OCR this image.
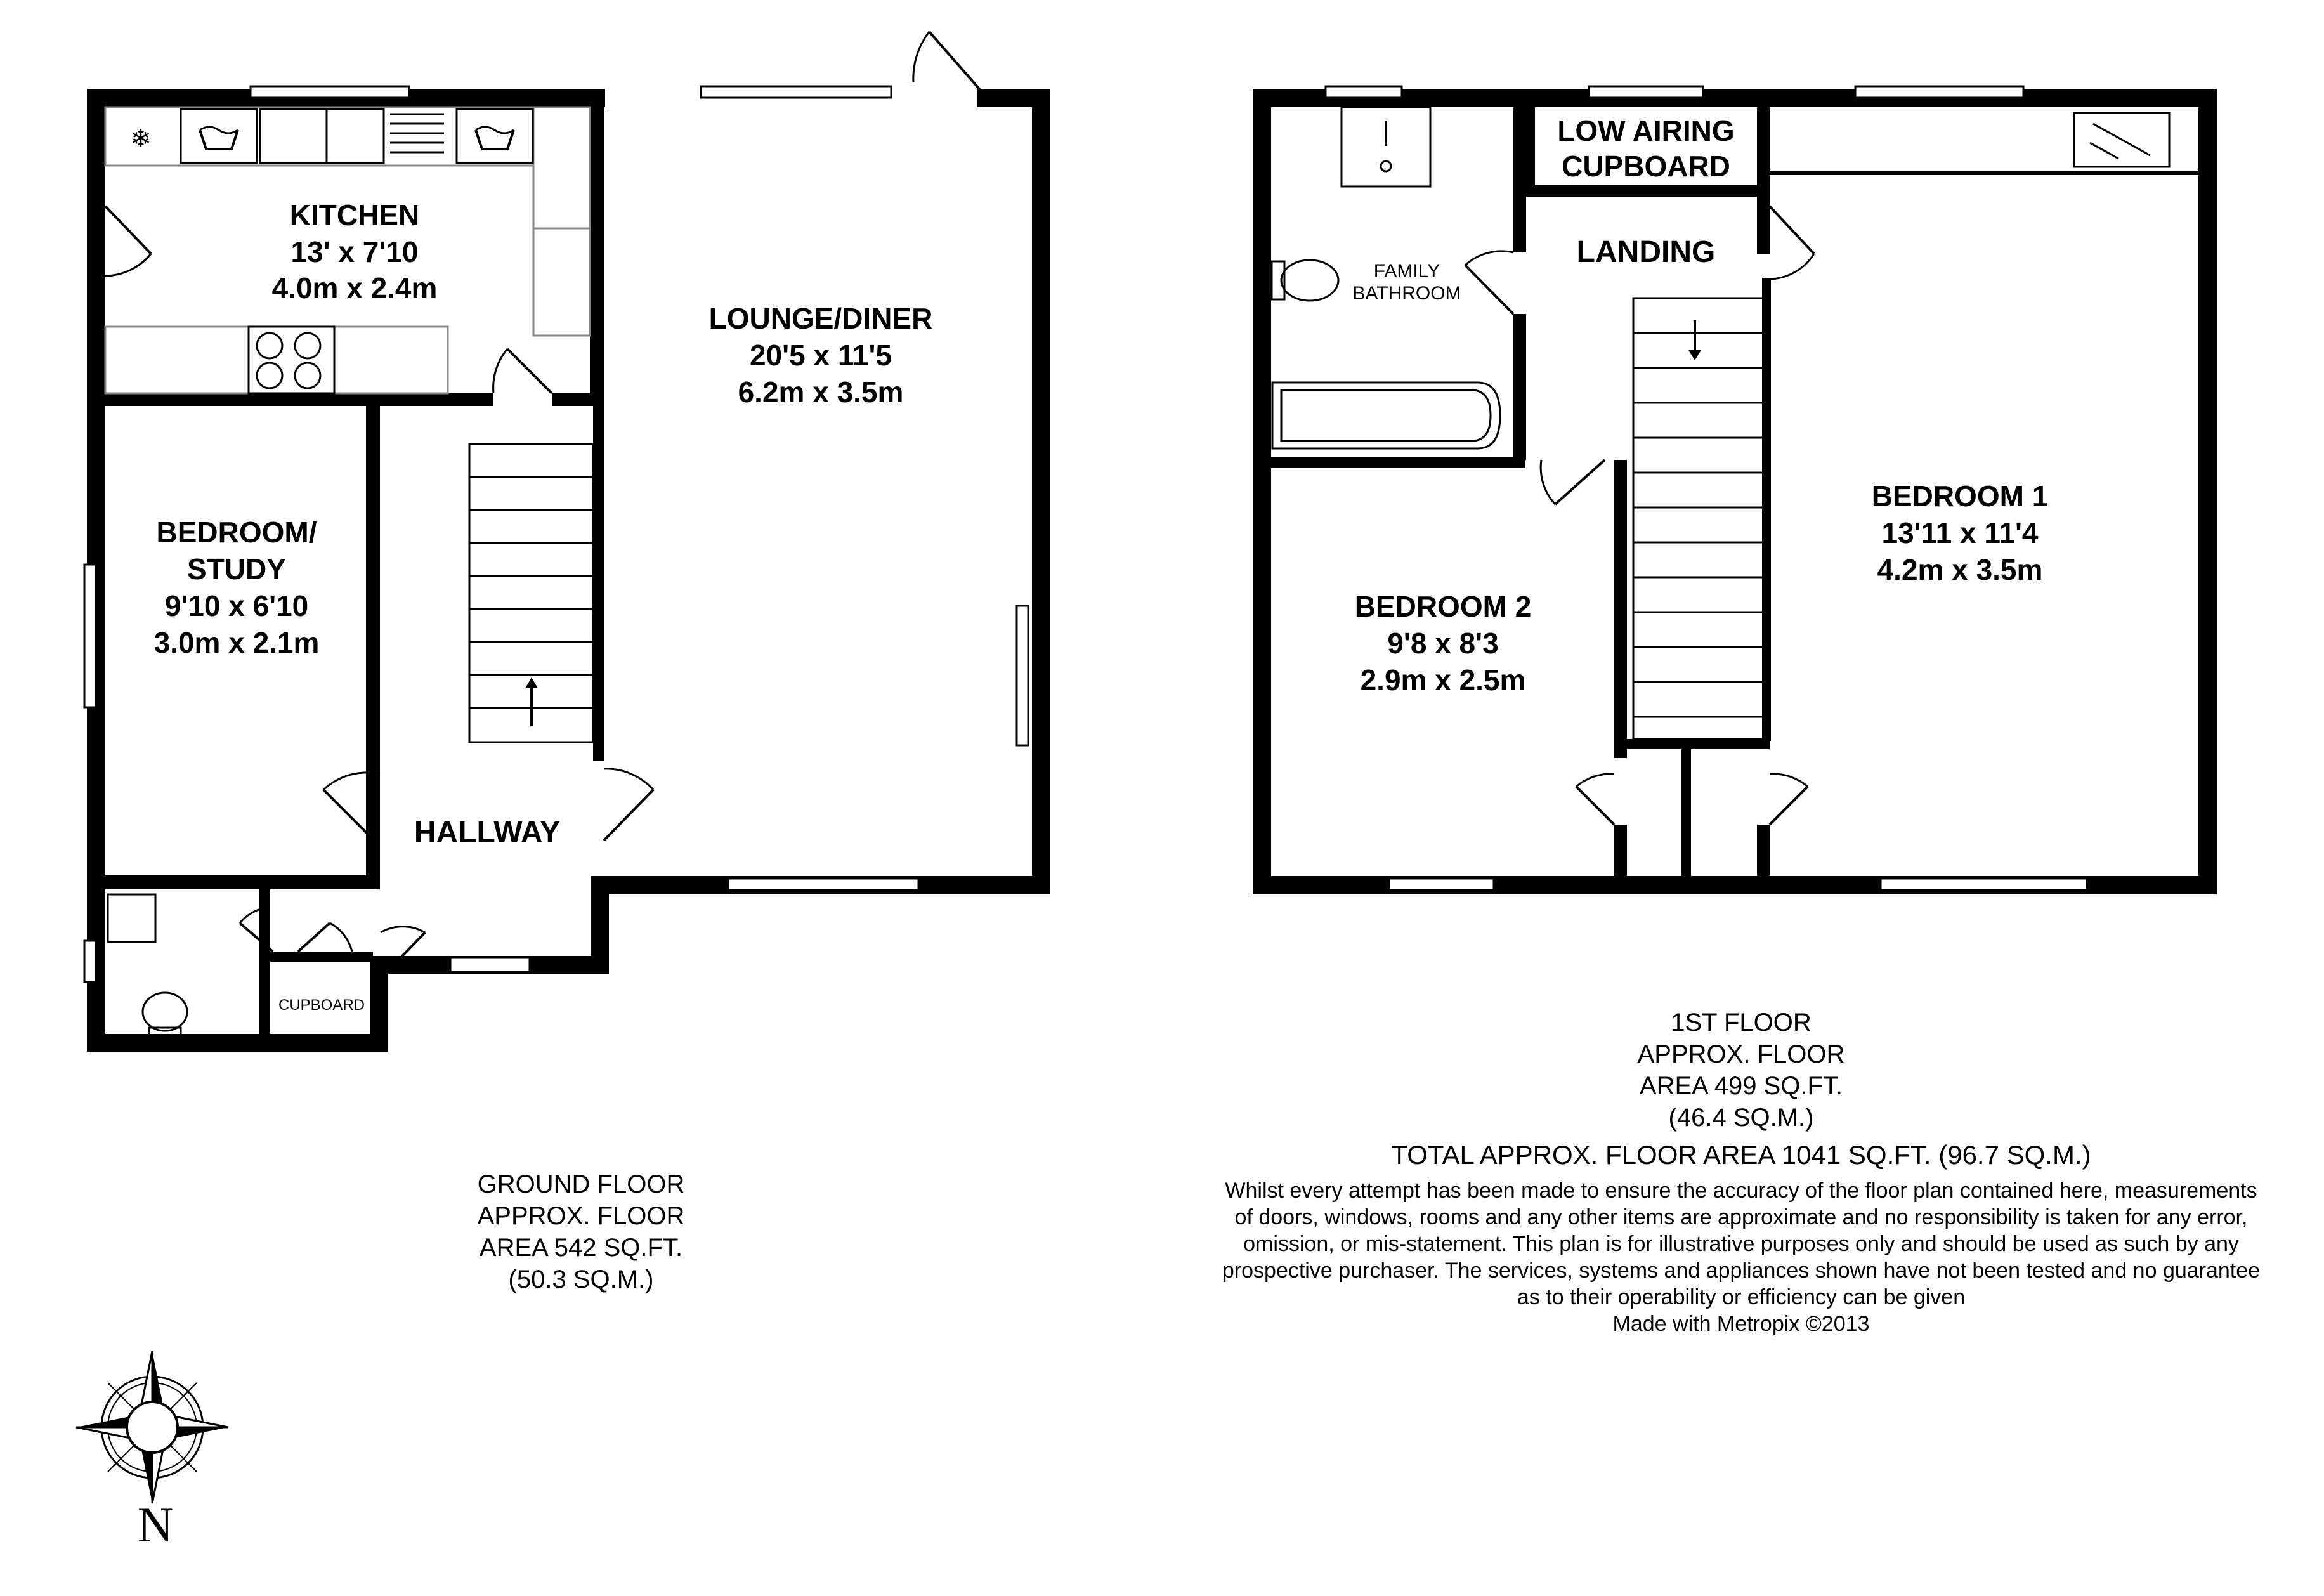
❄
KITCHEN
13' x 7'10
4.0m x 2.4m
LOUNGE/DINER
20'5 x 11'5
6.2m x 3.5m
BEDROOM/
STUDY
9'10 x 6'10
3.0m x 2.1m
HALLWAY
CUPBOARD
LOW AIRING
CUPBOARD
FAMILY
BATHROOM
LANDING
BEDROOM 1
13'11 x 11'4
4.2m x 3.5m
BEDROOM 2
9'8 x 8'3
2.9m x 2.5m
GROUND FLOOR
APPROX. FLOOR
AREA 542 SQ.FT.
(50.3 SQ.M.)
1ST FLOOR
APPROX. FLOOR
AREA 499 SQ.FT.
(46.4 SQ.M.)
TOTAL APPROX. FLOOR AREA 1041 SQ.FT. (96.7 SQ.M.)
Whilst every attempt has been made to ensure the accuracy of the floor plan contained here, measurements
of doors, windows, rooms and any other items are approximate and no responsibility is taken for any error,
omission, or mis-statement. This plan is for illustrative purposes only and should be used as such by any
prospective purchaser. The services, systems and appliances shown have not been tested and no guarantee
as to their operability or efficiency can be given
Made with Metropix ©2013
N
